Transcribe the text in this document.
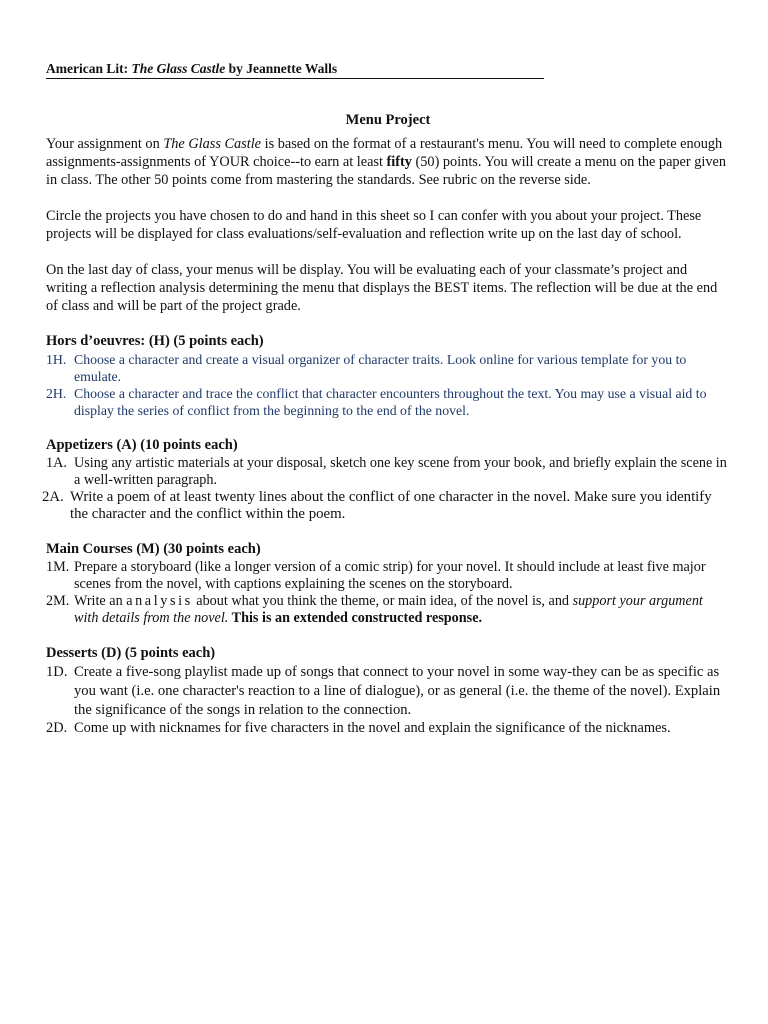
American Lit: The Glass Castle by Jeannette Walls
Menu Project

Your assignment on The Glass Castle is based on the format of a restaurant's menu. You will need to complete enough assignments-assignments of YOUR choice--to earn at least fifty (50) points. You will create a menu on the paper given in class. The other 50 points come from mastering the standards. See rubric on the reverse side.

Circle the projects you have chosen to do and hand in this sheet so I can confer with you about your project. These projects will be displayed for class evaluations/self-evaluation and reflection write up on the last day of school.

On the last day of class, your menus will be display. You will be evaluating each of your classmate’s project and writing a reflection analysis determining the menu that displays the BEST items. The reflection will be due at the end of class and will be part of the project grade.

Hors d’oeuvres: (H) (5 points each)
1H. Choose a character and create a visual organizer of character traits. Look online for various template for you to emulate.
2H. Choose a character and trace the conflict that character encounters throughout the text. You may use a visual aid to display the series of conflict from the beginning to the end of the novel.
Appetizers (A) (10 points each)
1A. Using any artistic materials at your disposal, sketch one key scene from your book, and briefly explain the scene in a well-written paragraph.
2A. Write a poem of at least twenty lines about the conflict of one character in the novel. Make sure you identify the character and the conflict within the poem.
Main Courses (M) (30 points each)
1M. Prepare a storyboard (like a longer version of a comic strip) for your novel. It should include at least five major scenes from the novel, with captions explaining the scenes on the storyboard.
2M. Write an analysis about what you think the theme, or main idea, of the novel is, and support your argument with details from the novel. This is an extended constructed response.
Desserts (D) (5 points each)
1D. Create a five-song playlist made up of songs that connect to your novel in some way-they can be as specific as you want (i.e. one character's reaction to a line of dialogue), or as general (i.e. the theme of the novel). Explain the significance of the songs in relation to the connection.
2D. Come up with nicknames for five characters in the novel and explain the significance of the nicknames.
